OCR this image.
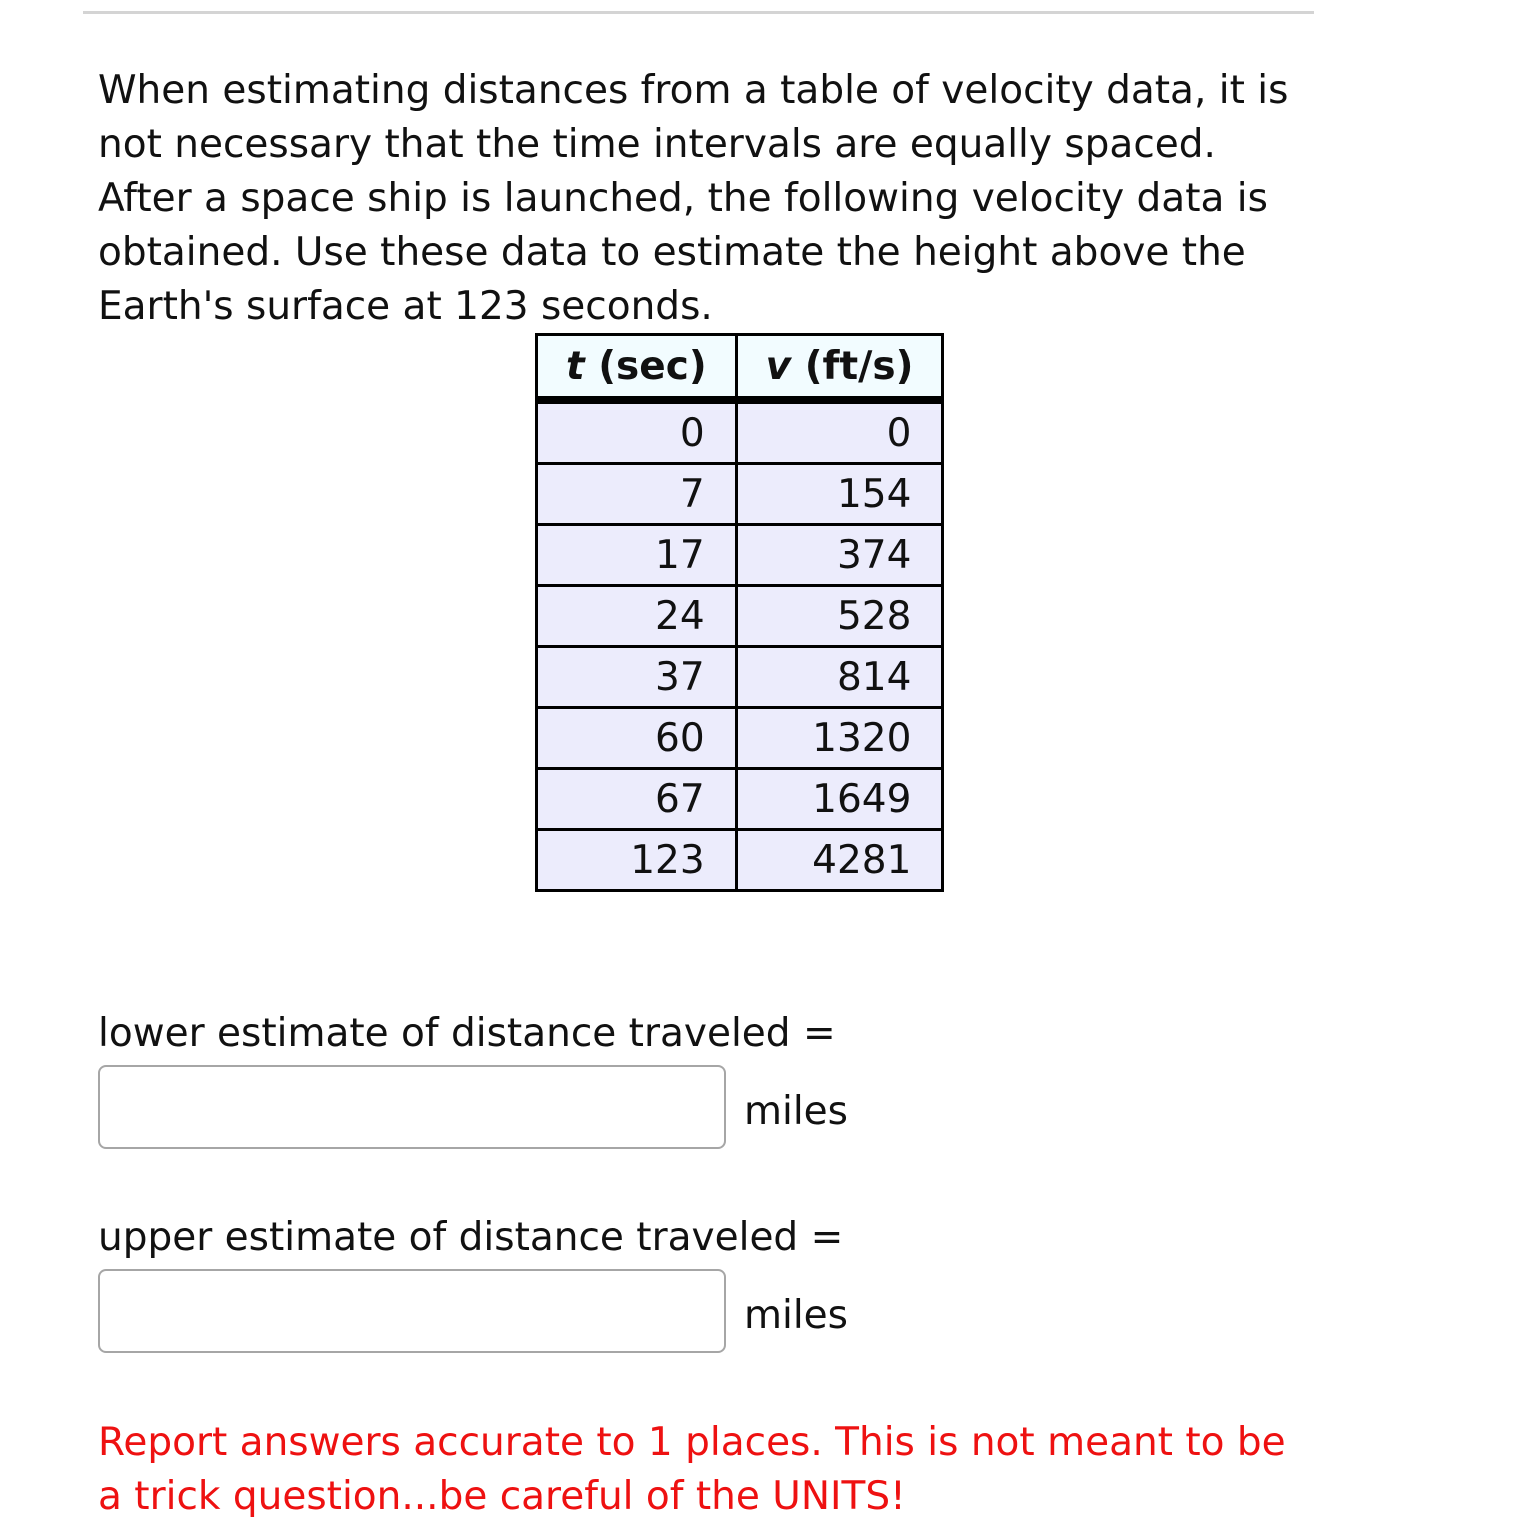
When estimating distances from a table of velocity data, it is not necessary that the time intervals are equally spaced. After a space ship is launched, the following velocity data is obtained. Use these data to estimate the height above the Earth's surface at 123 seconds.
t (sec)	v (ft/s)
0	0
7	154
17	374
24	528
37	814
60	1320
67	1649
123	4281
lower estimate of distance traveled =
miles
upper estimate of distance traveled =
miles
Report answers accurate to 1 places. This is not meant to be a trick question...be careful of the UNITS!
